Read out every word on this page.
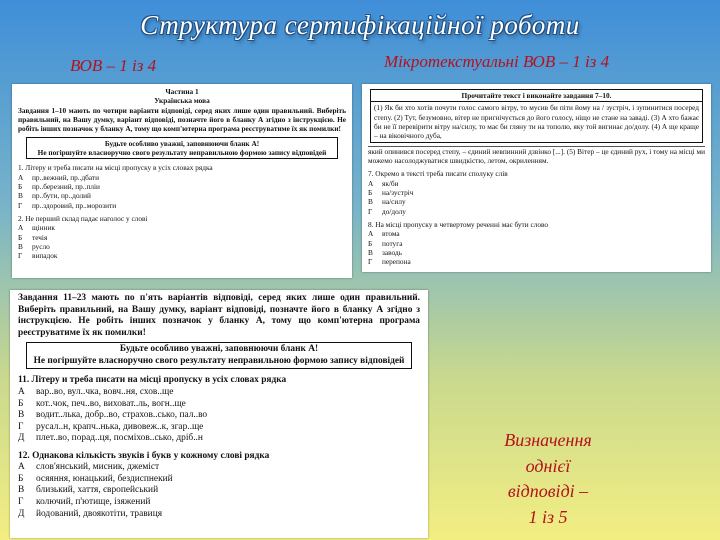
Структура сертифікаційної роботи
ВОВ – 1 із 4	Мікротекстуальні ВОВ – 1 із 4
Частина 1
Українська мова
Завдання 1–10 мають по чотири варіанти відповіді, серед яких лише один правильний. Виберіть правильний, на Вашу думку, варіант відповіді, позначте його в бланку А згідно з інструкцією. Не робіть інших позначок у бланку А, тому що комп'ютерна програма реєструватиме їх як помилки!
Будьте особливо уважні, заповнюючи бланк А!
Не погіршуйте власноручно свого результату неправильною формою запису відповідей
1. Літеру и треба писати на місці пропуску в усіх словах рядка
А	пр..вежний, пр..дбати
Б	пр..березний, пр..пліи
В	пр..бути, пр..долий
Г	пр..здоровий, пр..морозити
2. Не перший склад падає наголос у слові
А	щінник
Б	течія
В	русло
Г	випадок
Прочитайте текст і виконайте завдання 7–10.
(1) Як би хто хотів почути голос самого вітру, то мусив би піти йому на / зустріч, і зупинитися посеред степу. (2) Тут, безумовно, вітер не пригнічується до його голосу, ніщо не стане на заваді. (3) А хто бажає би не її перевірити вітру на/силу, то має би гляну ти на тополю, яку той вигинає до/долу. (4) А ще краще – на віковічного дуба,
який опинився посеред степу, – єдиний невпинний дзвінко [...]. (5) Вітер – це єдиний рух, і тому на місці ми можемо насолоджуватися швидкістю, летом, окриленням.
7. Окремо в тексті треба писати сполуку слів
А	як/би
Б	на/зустріч
В	на/силу
Г	до/долу
8. На місці пропуску в четвертому реченні має бути слово
А	втома
Б	потуга
В	заводь
Г	перепона
Завдання 11–23 мають по п'ять варіантів відповіді, серед яких лише один правильний. Виберіть правильний, на Вашу думку, варіант відповіді, позначте його в бланку А згідно з інструкцією. Не робіть інших позначок у бланку А, тому що комп'ютерна програма реєструватиме їх як помилки!
Будьте особливо уважні, заповнюючи бланк А!
Не погіршуйте власноручно свого результату неправильною формою запису відповідей
11. Літеру и треба писати на місці пропуску в усіх словах рядка
А	вар..во, вул..чка, вовч..ня, схов..ще
Б	кот..чок, печ..во, виховат..ль, вогн..ще
В	водит..лька, добр..во, страхов..сько, пал..во
Г	русал..н, крапч..нька, дивовеж..к, згар..ще
Д	плет..во, порад..ця, посміхов..сько, дріб..н
12. Однакова кількість звуків і букв у кожному слові рядка
А	слов'янський, мисник, джеміст
Б	осяяння, юнацький, бездиспнекий
В	близький, хаття, європейський
Г	колючий, п'ютище, ізяжений
Д	йодований, двоякотіти, травиця
Визначення
однієї
відповіді –
1 із 5
